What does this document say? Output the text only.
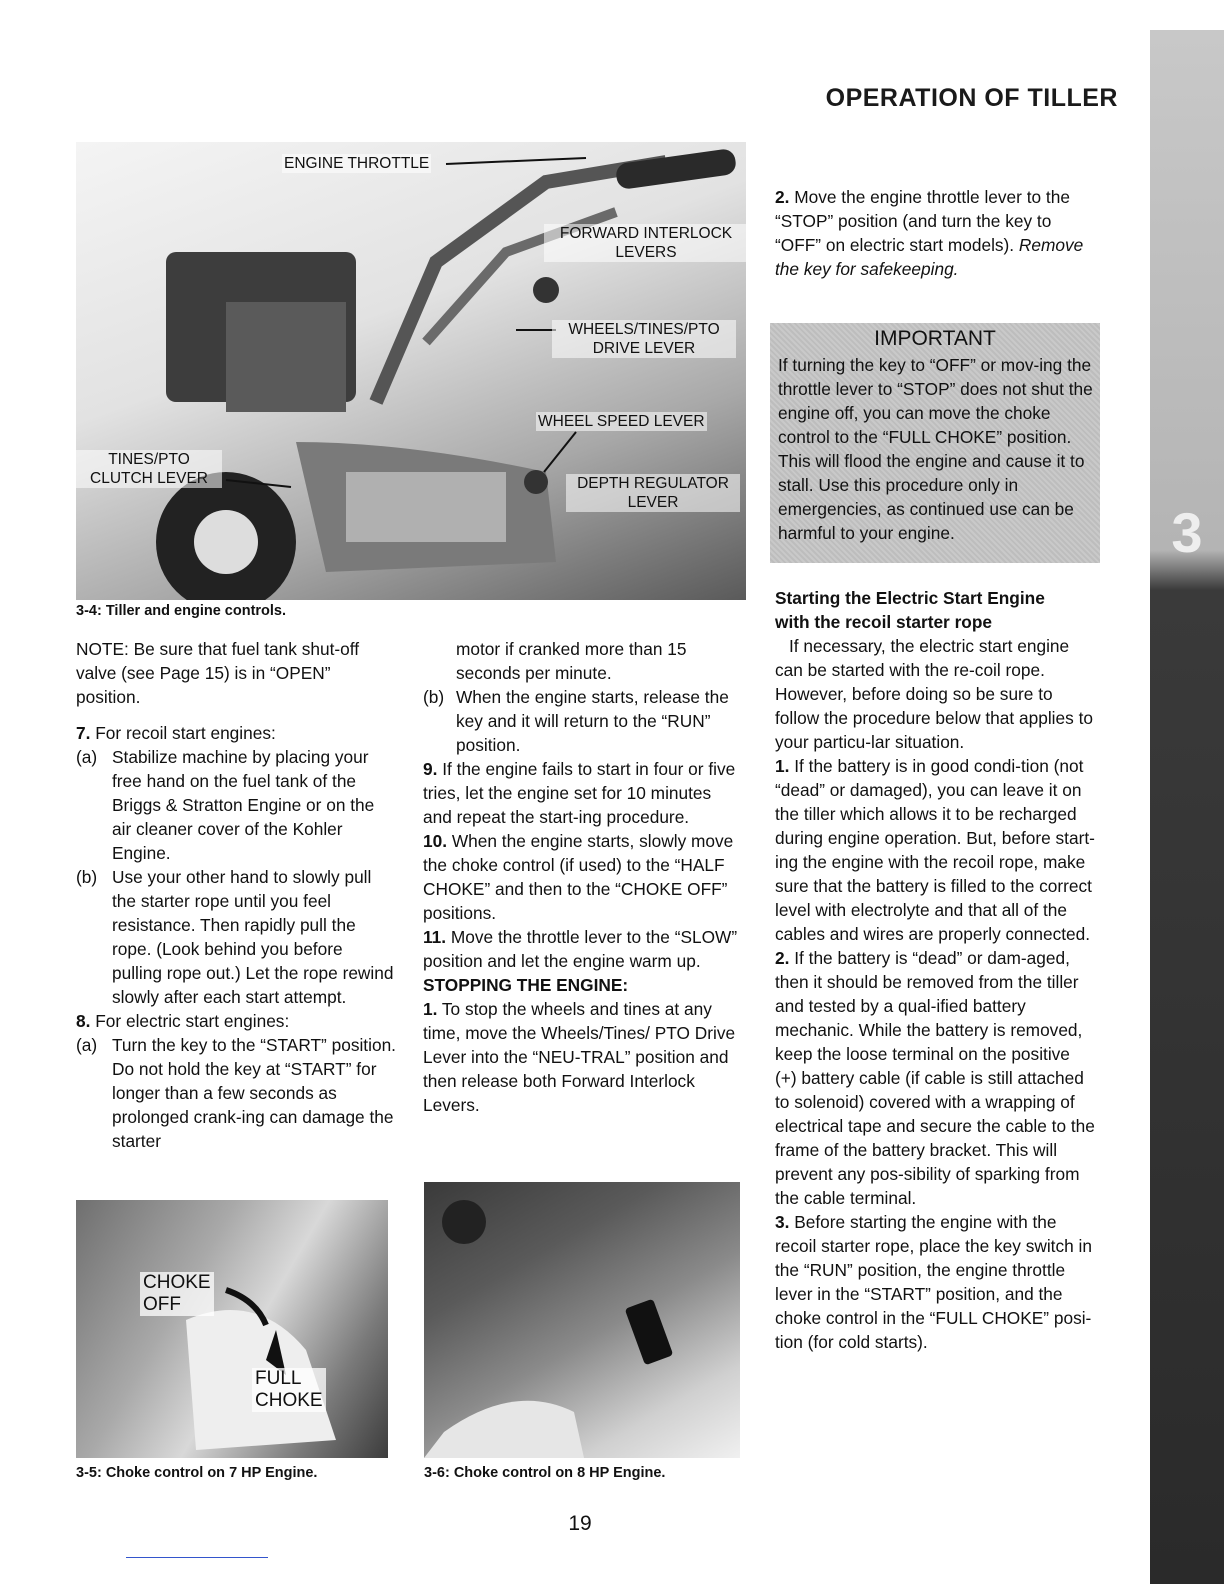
OPERATION OF TILLER
3
ENGINE THROTTLE
FORWARD INTERLOCK
LEVERS
WHEELS/TINES/PTO
DRIVE LEVER
WHEEL SPEED LEVER
DEPTH REGULATOR
LEVER
TINES/PTO
CLUTCH LEVER
3-4: Tiller and engine controls.

NOTE: Be sure that fuel tank shut-off valve (see Page 15) is in “OPEN” position.

7. For recoil start engines:

(a) Stabilize machine by placing your free hand on the fuel tank of the Briggs & Stratton Engine or on the air cleaner cover of the Kohler Engine.

(b) Use your other hand to slowly pull the starter rope until you feel resistance. Then rapidly pull the rope. (Look behind you before pulling rope out.) Let the rope rewind slowly after each start attempt.

8. For electric start engines:

(a) Turn the key to the “START” position. Do not hold the key at “START” for longer than a few seconds as prolonged crank-ing can damage the starter

motor if cranked more than 15 seconds per minute.

(b) When the engine starts, release the key and it will return to the “RUN” position.

9. If the engine fails to start in four or five tries, let the engine set for 10 minutes and repeat the start-ing procedure.

10. When the engine starts, slowly move the choke control (if used) to the “HALF CHOKE” and then to the “CHOKE OFF” positions.

11. Move the throttle lever to the “SLOW” position and let the engine warm up.

STOPPING THE ENGINE:

1. To stop the wheels and tines at any time, move the Wheels/Tines/ PTO Drive Lever into the “NEU-TRAL” position and then release both Forward Interlock Levers.

2. Move the engine throttle lever to the “STOP” position (and turn the key to “OFF” on electric start models). Remove the key for safekeeping.

IMPORTANT
If turning the key to “OFF” or mov-ing the throttle lever to “STOP” does not shut the engine off, you can move the choke control to the “FULL CHOKE” position. This will flood the engine and cause it to stall. Use this procedure only in emergencies, as continued use can be harmful to your engine.

Starting the Electric Start Engine
with the recoil starter rope

If necessary, the electric start engine can be started with the re-coil rope. However, before doing so be sure to follow the procedure below that applies to your particu-lar situation.

1. If the battery is in good condi-tion (not “dead” or damaged), you can leave it on the tiller which allows it to be recharged during engine operation. But, before start-ing the engine with the recoil rope, make sure that the battery is filled to the correct level with electrolyte and that all of the cables and wires are properly connected.

2. If the battery is “dead” or dam-aged, then it should be removed from the tiller and tested by a qual-ified battery mechanic. While the battery is removed, keep the loose terminal on the positive (+) battery cable (if cable is still attached to solenoid) covered with a wrapping of electrical tape and secure the cable to the frame of the battery bracket. This will prevent any pos-sibility of sparking from the cable terminal.

3. Before starting the engine with the recoil starter rope, place the key switch in the “RUN” position, the engine throttle lever in the “START” position, and the choke control in the “FULL CHOKE” posi-tion (for cold starts).

CHOKE
OFF
FULL
CHOKE
3-5: Choke control on 7 HP Engine.	3-6: Choke control on 8 HP Engine.
19
